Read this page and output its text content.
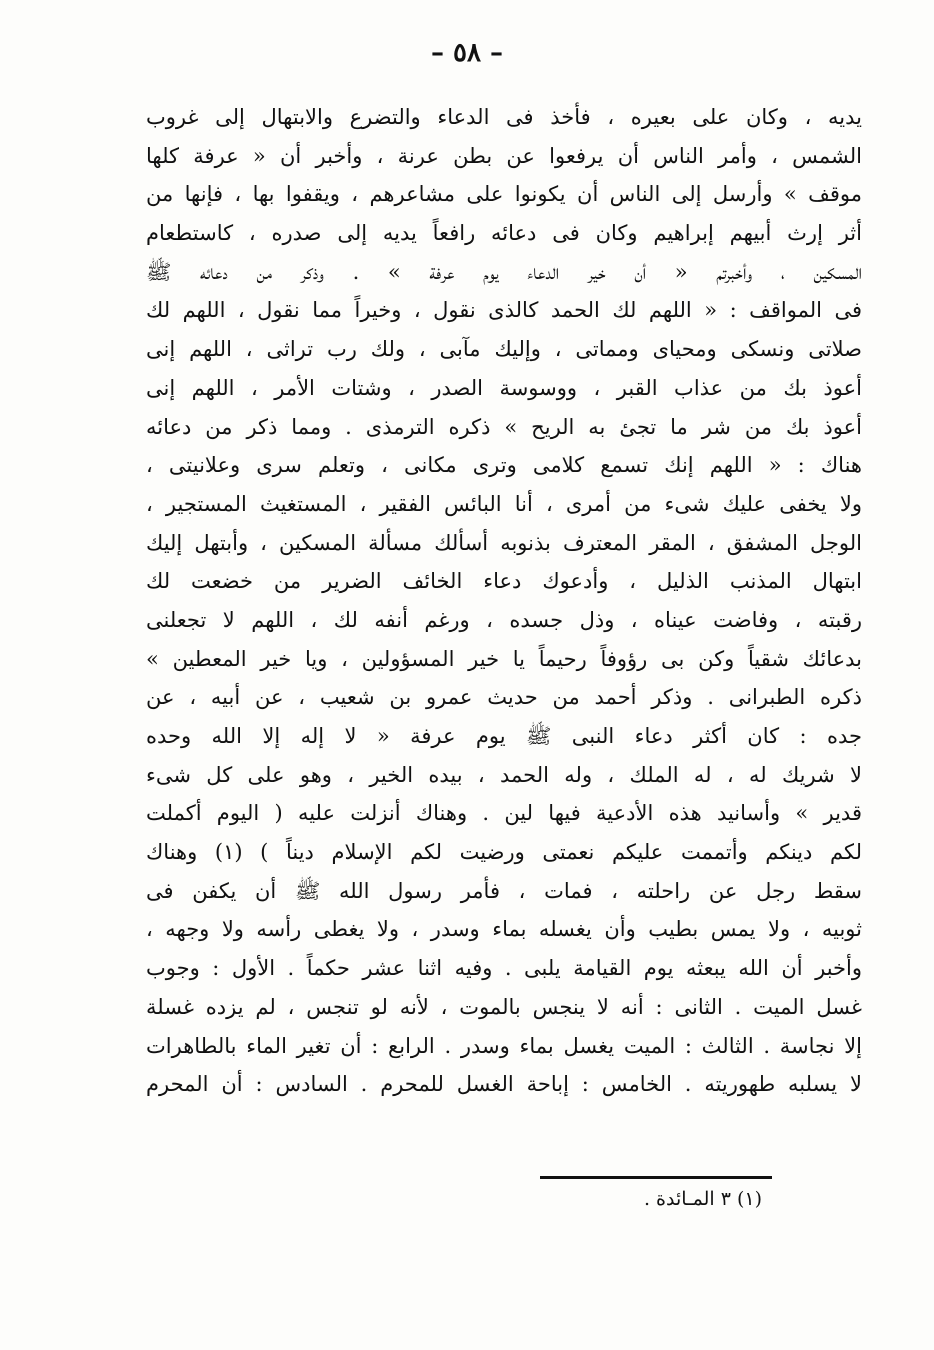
– ٥٨ –
يديه ، وكان على بعيره ، فأخذ فى الدعاء والتضرع والابتهال إلى غروب
الشمس ، وأمر الناس أن يرفعوا عن بطن عرنة ، وأخبر أن « عرفة كلها
موقف » وأرسل إلى الناس أن يكونوا على مشاعرهم ، ويقفوا بها ، فإنها من
أثر إرث أبيهم إبراهيم وكان فى دعائه رافعاً يديه إلى صدره ، كاستطعام
المسكين ، وأخبرتم « أن خير الدعاء يوم عرفة » . وذكر من دعائه ﷺ
فى المواقف : « اللهم لك الحمد كالذى نقول ، وخيراً مما نقول ، اللهم لك
صلاتى ونسكى ومحياى ومماتى ، وإليك مآبى ، ولك رب تراثى ، اللهم إنى
أعوذ بك من عذاب القبر ، ووسوسة الصدر ، وشتات الأمر ، اللهم إنى
أعوذ بك من شر ما تجئ به الريح » ذكره الترمذى . ومما ذكر من دعائه
هناك : « اللهم إنك تسمع كلامى وترى مكانى ، وتعلم سرى وعلانيتى ،
ولا يخفى عليك شىء من أمرى ، أنا البائس الفقير ، المستغيث المستجير ،
الوجل المشفق ، المقر المعترف بذنوبه أسألك مسألة المسكين ، وأبتهل إليك
ابتهال المذنب الذليل ، وأدعوك دعاء الخائف الضرير من خضعت لك
رقبته ، وفاضت عيناه ، وذل جسده ، ورغم أنفه لك ، اللهم لا تجعلنى
بدعائك شقياً وكن بى رؤوفاً رحيماً يا خير المسؤولين ، ويا خير المعطين »
ذكره الطبرانى . وذكر أحمد من حديث عمرو بن شعيب ، عن أبيه ، عن
جده : كان أكثر دعاء النبى ﷺ يوم عرفة « لا إله إلا الله وحده
لا شريك له ، له الملك ، وله الحمد ، بيده الخير ، وهو على كل شىء
قدير » وأسانيد هذه الأدعية فيها لين . وهناك أنزلت عليه ( اليوم أكملت
لكم دينكم وأتممت عليكم نعمتى ورضيت لكم الإسلام ديناً ) (١) وهناك
سقط رجل عن راحلته ، فمات ، فأمر رسول الله ﷺ أن يكفن فى
ثوبيه ، ولا يمس بطيب وأن يغسله بماء وسدر ، ولا يغطى رأسه ولا وجهه ،
وأخبر أن الله يبعثه يوم القيامة يلبى . وفيه اثنا عشر حكماً . الأول : وجوب
غسل الميت . الثانى : أنه لا ينجس بالموت ، لأنه لو تنجس ، لم يزده غسلة
إلا نجاسة . الثالث : الميت يغسل بماء وسدر . الرابع : أن تغير الماء بالطاهرات
لا يسلبه طهوريته . الخامس : إباحة الغسل للمحرم . السادس : أن المحرم
(١) ٣ المـائدة .
